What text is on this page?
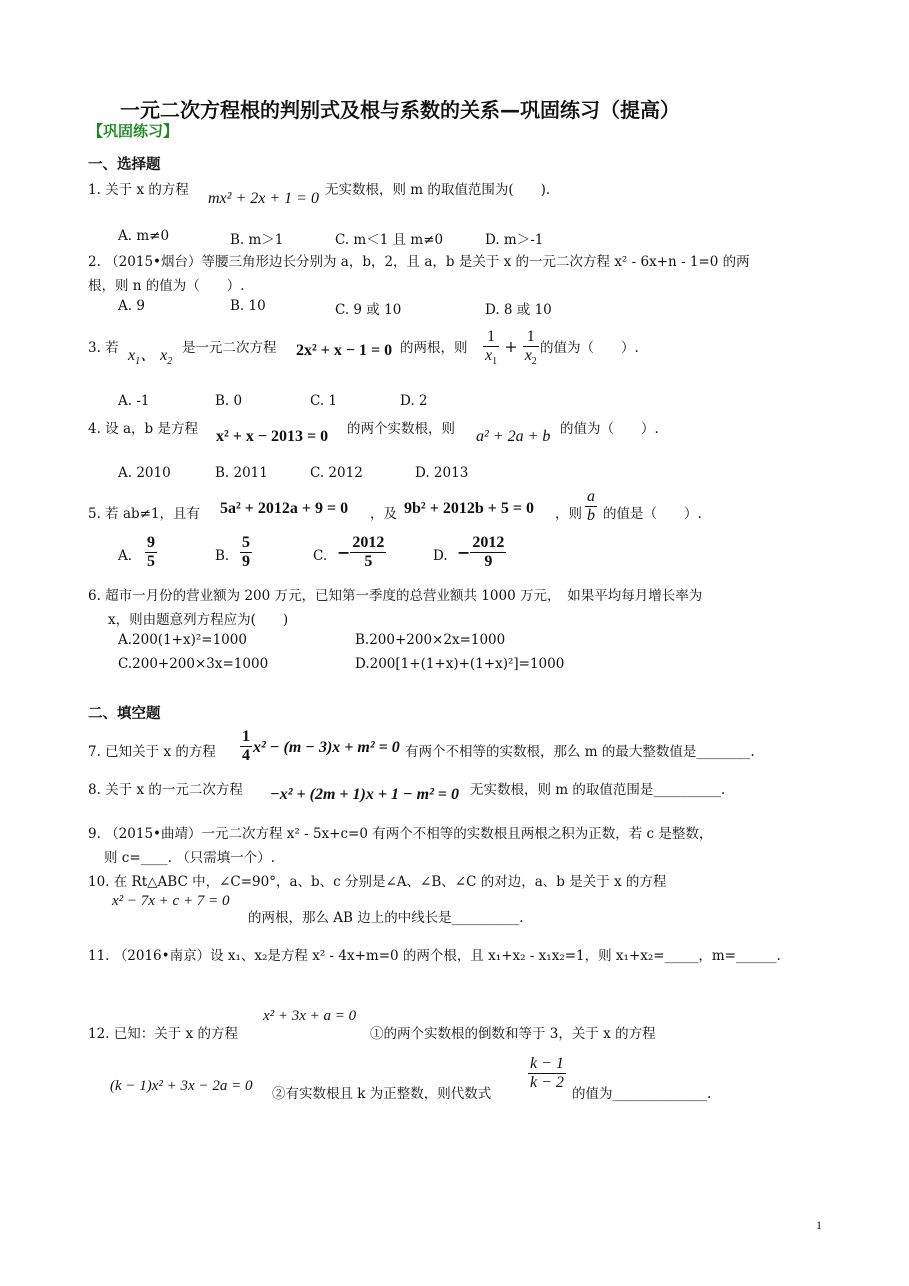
一元二次方程根的判别式及根与系数的关系—巩固练习（提高）
【巩固练习】
一、选择题
1. 关于 x 的方程 mx² + 2x + 1 = 0 无实数根，则 m 的取值范围为(　　).
A. m≠0	B. m＞1	C. m＜1 且 m≠0	D. m＞-1
2. （2015•烟台）等腰三角形边长分别为 a，b，2，且 a，b 是关于 x 的一元二次方程 x² - 6x+n - 1=0 的两
根，则 n 的值为（　　）.
A. 9	B. 10	C. 9 或 10	D. 8 或 10
3. 若 $x_1$、 $x_2$
是一元二次方程 2x² + x − 1 = 0 的两根，则 $\frac{1}{x_1} + \frac{1}{x_2}$ 的值为（　　）.
A. -1	B. 0	C. 1	D. 2
4. 设 a，b 是方程 x² + x − 2013 = 0 的两个实数根，则 a² + 2a + b 的值为（　　）.
A. 2010	B. 2011	C. 2012	D. 2013
5. 若 ab≠1，且有 5a² + 2012a + 9 = 0 ，及 9b² + 2012b + 5 = 0 ，则 $\frac{a}{b}$ 的值是（　　）.
A. $\frac{9}{5}$	B. $\frac{5}{9}$	C. − $\frac{2012}{5}$	D. − $\frac{2012}{9}$
6. 超市一月份的营业额为 200 万元，已知第一季度的总营业额共 1000 万元，　如果平均每月增长率为
x，则由题意列方程应为(　　)
A.200(1+x)²=1000	B.200+200×2x=1000
C.200+200×3x=1000	D.200[1+(1+x)+(1+x)²]=1000
二、填空题
7. 已知关于 x 的方程 $\frac{1}{4} x^2 - (m - 3)x + m^2 = 0$ 有两个不相等的实数根，那么 m 的最大整数值是________.
8. 关于 x 的一元二次方程 −x² + (2m + 1)x + 1 − m² = 0 无实数根，则 m 的取值范围是__________.
9. （2015•曲靖）一元二次方程 x² - 5x+c=0 有两个不相等的实数根且两根之积为正数，若 c 是整数，
则 c=____. （只需填一个）.
10. 在 Rt△ABC 中，∠C=90°，a、b、c 分别是∠A、∠B、∠C 的对边，a、b 是关于 x 的方程
x² − 7x + c + 7 = 0
的两根，那么 AB 边上的中线长是__________.
11. （2016•南京）设 x₁、x₂是方程 x² - 4x+m=0 的两个根，且 x₁+x₂ - x₁x₂=1，则 x₁+x₂=_____，m=______.
12. 已知：关于 x 的方程
x² + 3x + a = 0
①的两个实数根的倒数和等于 3，关于 x 的方程
(k − 1)x² + 3x − 2a = 0 ②有实数根且 k 为正整数，则代数式
$\frac{k - 1}{k - 2}$
的值为______________.
1
